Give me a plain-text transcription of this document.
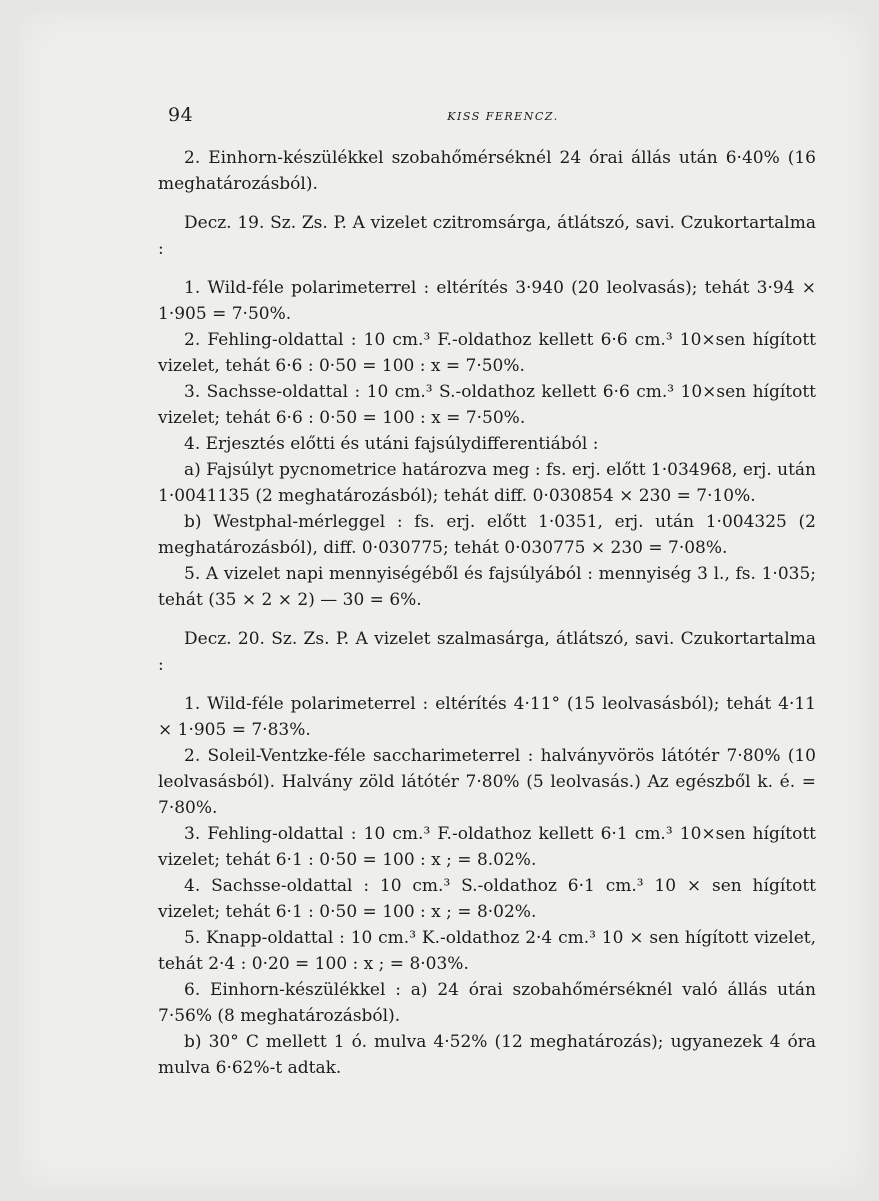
94	KISS FERENCZ.

2. Einhorn-készülékkel szobahőmérséknél 24 órai állás után 6·40% (16 meghatározásból).

Decz. 19. Sz. Zs. P. A vizelet czitromsárga, átlátszó, savi. Czukortartalma :

1. Wild-féle polarimeterrel : eltérítés 3·940 (20 leolvasás); tehát 3·94 × 1·905 = 7·50%.

2. Fehling-oldattal : 10 cm.³ F.-oldathoz kellett 6·6 cm.³ 10×sen hígított vizelet, tehát 6·6 : 0·50 = 100 : x = 7·50%.

3. Sachsse-oldattal : 10 cm.³ S.-oldathoz kellett 6·6 cm.³ 10×sen hígított vizelet; tehát 6·6 : 0·50 = 100 : x = 7·50%.

4. Erjesztés előtti és utáni fajsúlydifferentiából :

a) Fajsúlyt pycnometrice határozva meg : fs. erj. előtt 1·034968, erj. után 1·0041135 (2 meghatározásból); tehát diff. 0·030854 × 230 = 7·10%.

b) Westphal-mérleggel : fs. erj. előtt 1·0351, erj. után 1·004325 (2 meghatározásból), diff. 0·030775; tehát 0·030775 × 230 = 7·08%.

5. A vizelet napi mennyiségéből és fajsúlyából : mennyiség 3 l., fs. 1·035; tehát (35 × 2 × 2) — 30 = 6%.

Decz. 20. Sz. Zs. P. A vizelet szalmasárga, átlátszó, savi. Czukortartalma :

1. Wild-féle polarimeterrel : eltérítés 4·11° (15 leolvasásból); tehát 4·11 × 1·905 = 7·83%.

2. Soleil-Ventzke-féle saccharimeterrel : halványvörös látótér 7·80% (10 leolvasásból). Halvány zöld látótér 7·80% (5 leolvasás.) Az egészből k. é. = 7·80%.

3. Fehling-oldattal : 10 cm.³ F.-oldathoz kellett 6·1 cm.³ 10×sen hígított vizelet; tehát 6·1 : 0·50 = 100 : x ; = 8.02%.

4. Sachsse-oldattal : 10 cm.³ S.-oldathoz 6·1 cm.³ 10 × sen hígított vizelet; tehát 6·1 : 0·50 = 100 : x ; = 8·02%.

5. Knapp-oldattal : 10 cm.³ K.-oldathoz 2·4 cm.³ 10 × sen hígított vizelet, tehát 2·4 : 0·20 = 100 : x ; = 8·03%.

6. Einhorn-készülékkel : a) 24 órai szobahőmérséknél való állás után 7·56% (8 meghatározásból).

b) 30° C mellett 1 ó. mulva 4·52% (12 meghatározás); ugyanezek 4 óra mulva 6·62%-t adtak.
